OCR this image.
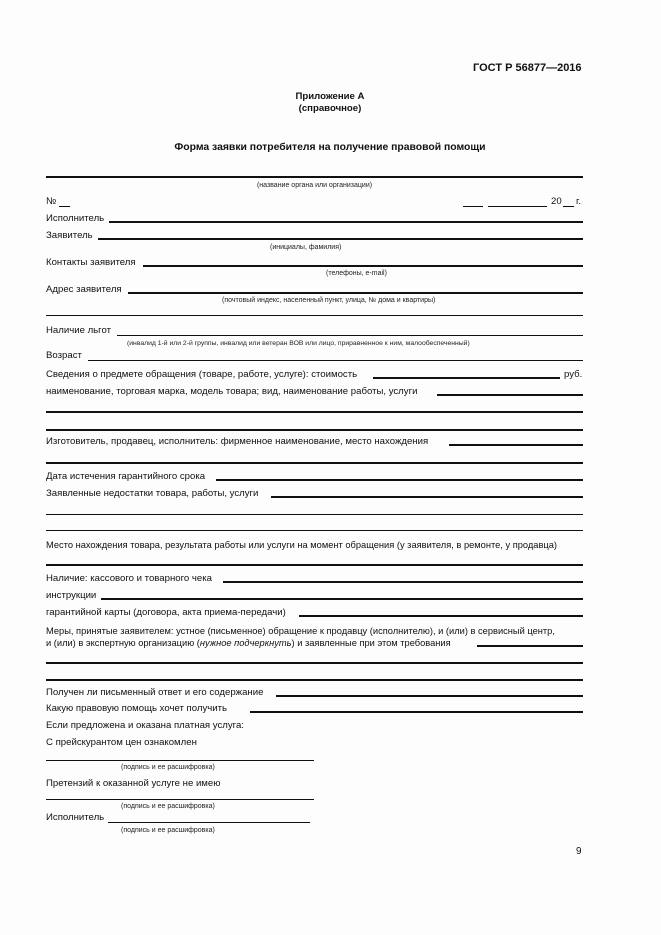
ГОСТ Р 56877—2016
Приложение А
(справочное)
Форма заявки потребителя на получение правовой помощи
(название органа или организации)
№	20 г.
Исполнитель
Заявитель
(инициалы, фамилия)
Контакты заявителя
(телефоны, e-mail)
Адрес заявителя
(почтовый индекс, населенный пункт, улица, № дома и квартиры)
Наличие льгот
(инвалид 1-й или 2-й группы, инвалид или ветеран ВОВ или лицо, приравненное к ним, малообеспеченный)
Возраст
Сведения о предмете обращения (товаре, работе, услуге): стоимость	руб.
наименование, торговая марка, модель товара; вид, наименование работы, услуги
Изготовитель, продавец, исполнитель: фирменное наименование, место нахождения
Дата истечения гарантийного срока
Заявленные недостатки товара, работы, услуги
Место нахождения товара, результата работы или услуги на момент обращения (у заявителя, в ремонте, у продавца)
Наличие: кассового и товарного чека
инструкции
гарантийной карты (договора, акта приема-передачи)
Меры, принятые заявителем: устное (письменное) обращение к продавцу (исполнителю), и (или) в сервисный центр,
и (или) в экспертную организацию (нужное подчеркнуть) и заявленные при этом требования
Получен ли письменный ответ и его содержание
Какую правовую помощь хочет получить
Если предложена и оказана платная услуга:
С прейскурантом цен ознакомлен
(подпись и ее расшифровка)
Претензий к оказанной услуге не имею
(подпись и ее расшифровка)
Исполнитель
(подпись и ее расшифровка)
9
